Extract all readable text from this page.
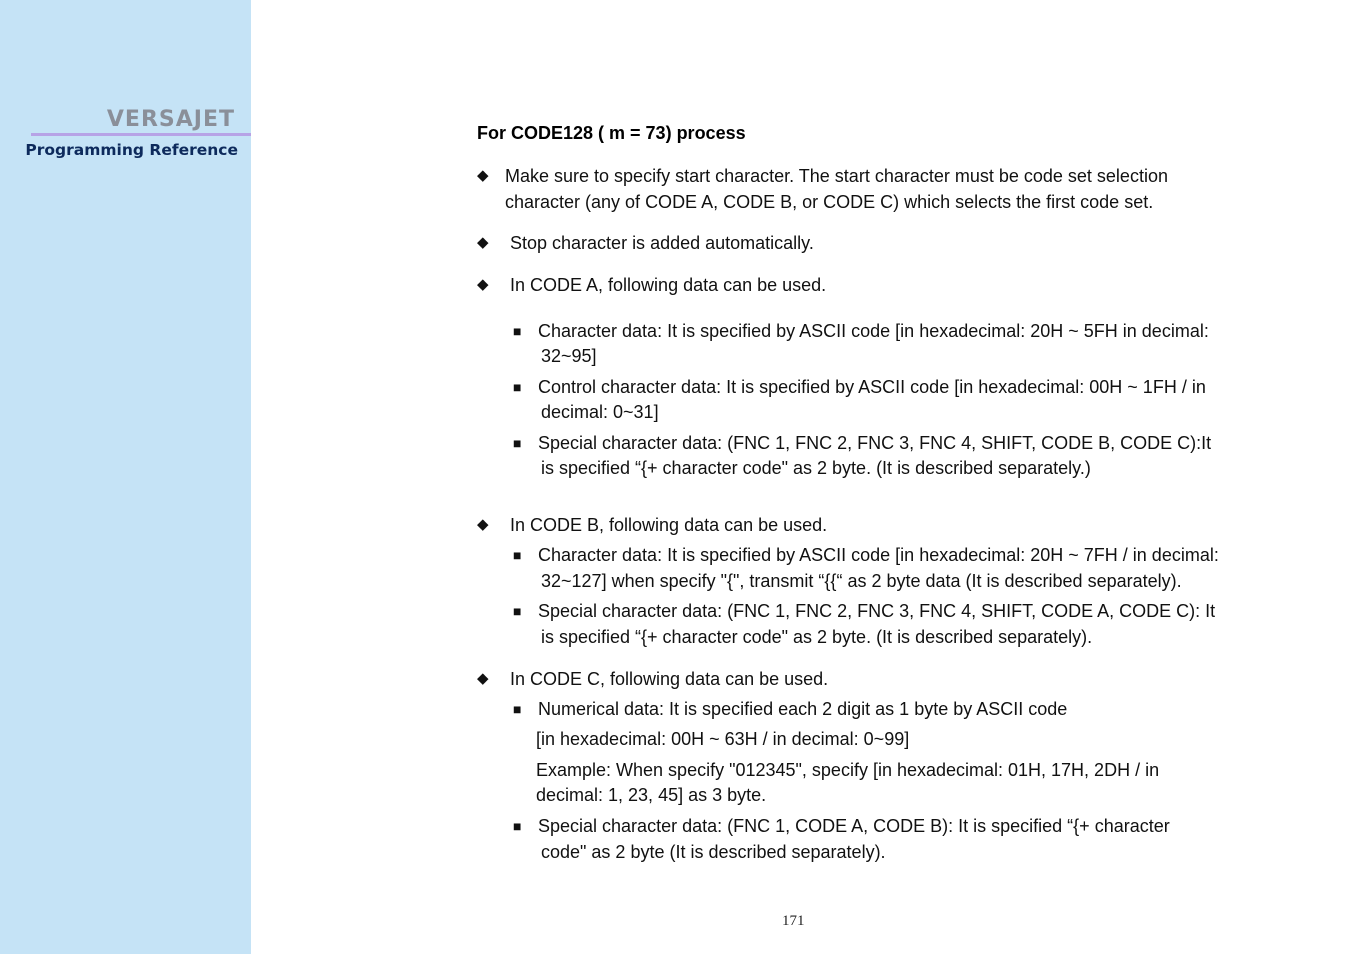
VERSAJET
Programming Reference
For CODE128 ( m = 73) process
◆ Make sure to specify start character. The start character must be code set selection
character (any of CODE A, CODE B, or CODE C) which selects the first code set.
◆ Stop character is added automatically.
◆ In CODE A, following data can be used.
■ Character data: It is specified by ASCII code [in hexadecimal: 20H ~ 5FH in decimal:
32~95]
■ Control character data: It is specified by ASCII code [in hexadecimal: 00H ~ 1FH / in
decimal: 0~31]
■ Special character data: (FNC 1, FNC 2, FNC 3, FNC 4, SHIFT, CODE B, CODE C):It
is specified “{+ character code" as 2 byte. (It is described separately.)
◆ In CODE B, following data can be used.
■ Character data: It is specified by ASCII code [in hexadecimal: 20H ~ 7FH / in decimal:
32~127] when specify "{", transmit “{{“ as 2 byte data (It is described separately).
■ Special character data: (FNC 1, FNC 2, FNC 3, FNC 4, SHIFT, CODE A, CODE C): It
is specified “{+ character code" as 2 byte. (It is described separately).
◆ In CODE C, following data can be used.
■ Numerical data: It is specified each 2 digit as 1 byte by ASCII code
[in hexadecimal: 00H ~ 63H / in decimal: 0~99]
Example: When specify "012345", specify [in hexadecimal: 01H, 17H, 2DH / in
decimal: 1, 23, 45] as 3 byte.
■ Special character data: (FNC 1, CODE A, CODE B): It is specified “{+ character
code" as 2 byte (It is described separately).
171
